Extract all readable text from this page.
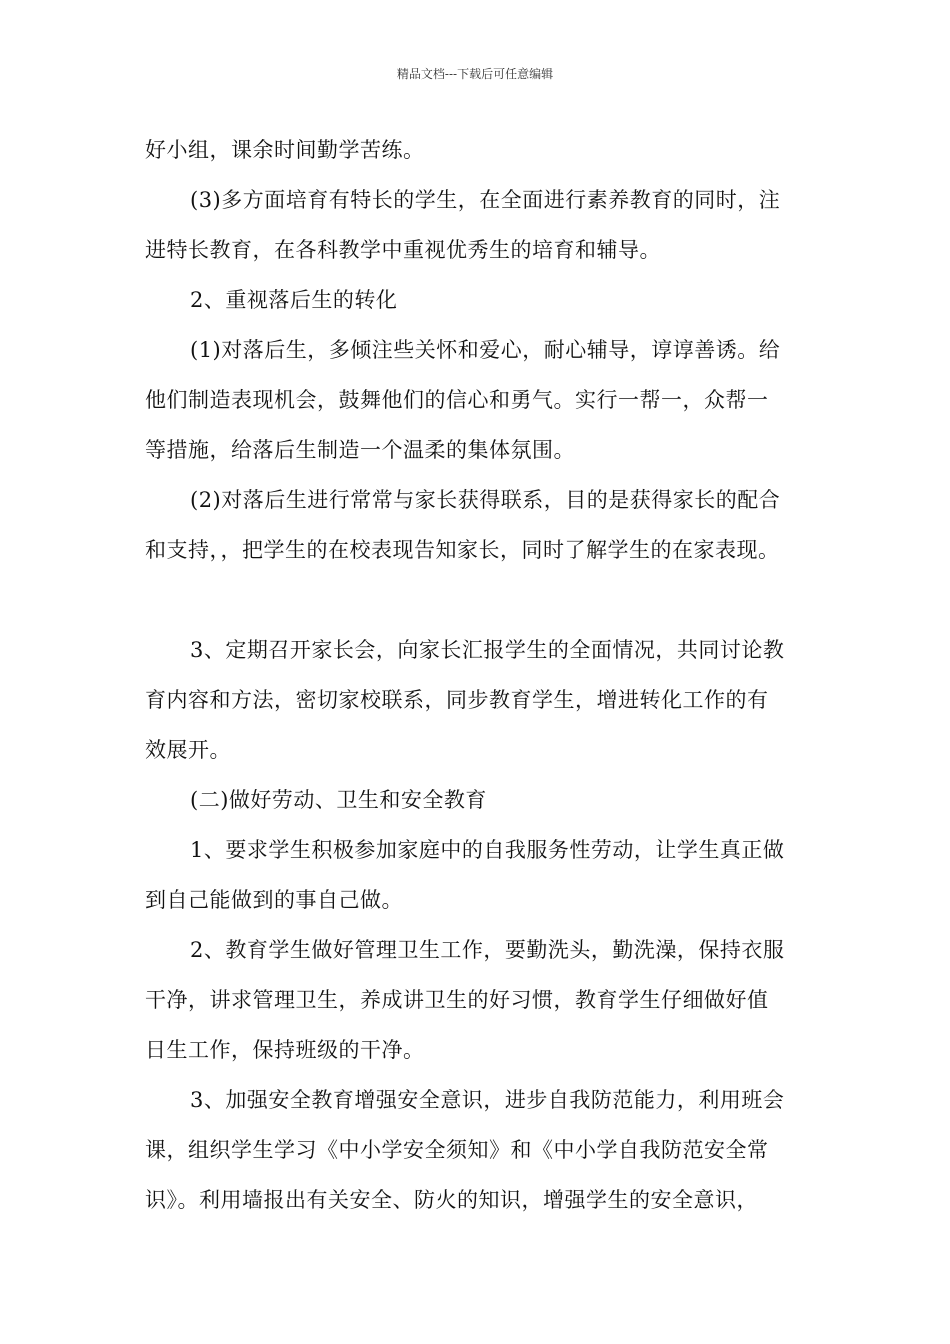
精品文档---下载后可任意编辑
好小组，课余时间勤学苦练。
(3)多方面培育有特长的学生，在全面进行素养教育的同时，注
进特长教育，在各科教学中重视优秀生的培育和辅导。
2、重视落后生的转化
(1)对落后生，多倾注些关怀和爱心，耐心辅导，谆谆善诱。给
他们制造表现机会，鼓舞他们的信心和勇气。实行一帮一，众帮一
等措施，给落后生制造一个温柔的集体氛围。
(2)对落后生进行常常与家长获得联系，目的是获得家长的配合
和支持，，把学生的在校表现告知家长，同时了解学生的在家表现。
3、定期召开家长会，向家长汇报学生的全面情况，共同讨论教
育内容和方法，密切家校联系，同步教育学生，增进转化工作的有
效展开。
(二)做好劳动、卫生和安全教育
1、要求学生积极参加家庭中的自我服务性劳动，让学生真正做
到自己能做到的事自己做。
2、教育学生做好管理卫生工作，要勤洗头，勤洗澡，保持衣服
干净，讲求管理卫生，养成讲卫生的好习惯，教育学生仔细做好值
日生工作，保持班级的干净。
3、加强安全教育增强安全意识，进步自我防范能力，利用班会
课，组织学生学习《中小学安全须知》和《中小学自我防范安全常
识》。利用墙报出有关安全、防火的知识，增强学生的安全意识，
